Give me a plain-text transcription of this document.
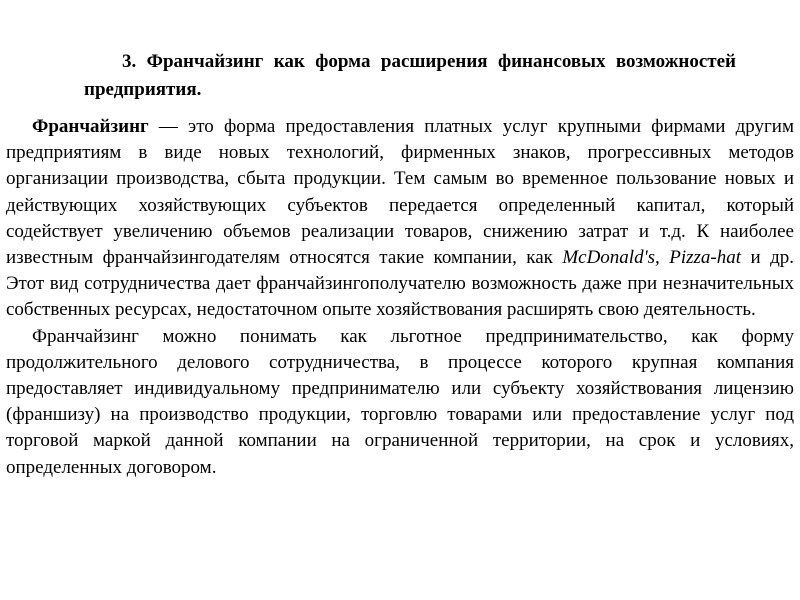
3. Франчайзинг как форма расширения финансовых возможностей предприятия.

Франчайзинг — это форма предоставления платных услуг крупными фирмами другим предприятиям в виде новых технологий, фирменных знаков, прогрессивных методов организации производства, сбыта продукции. Тем самым во временное пользование новых и действующих хозяйствующих субъектов передается определенный капитал, который содействует увеличению объемов реализации товаров, снижению затрат и т.д. К наиболее известным франчайзингодателям относятся такие компании, как McDonald's, Pizza-hat и др. Этот вид сотрудничества дает франчайзингополучателю возможность даже при незначительных собственных ресурсах, недостаточном опыте хозяйствования расширять свою деятельность.

Франчайзинг можно понимать как льготное предпринимательство, как форму продолжительного делового сотрудничества, в процессе которого крупная компания предоставляет индивидуальному предпринимателю или субъекту хозяйствования лицензию (франшизу) на производство продукции, торговлю товарами или предоставление услуг под торговой маркой данной компании на ограниченной территории, на срок и условиях, определенных договором.
